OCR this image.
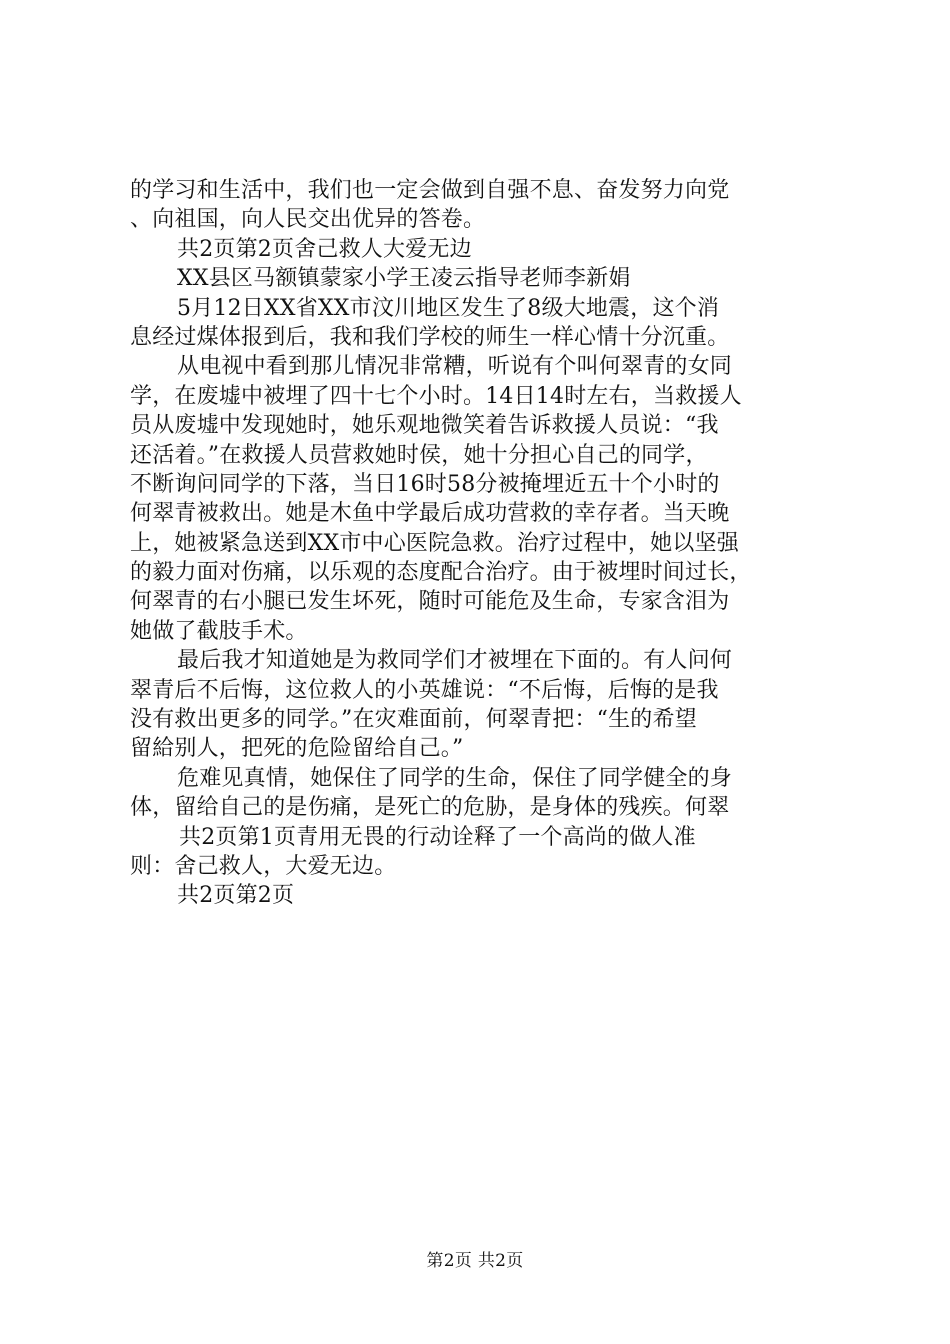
的学习和生活中，我们也一定会做到自强不息、奋发努力向党
、向祖国，向人民交出优异的答卷。
共2页第2页舍己救人大爱无边
XX县区马额镇蒙家小学王凌云指导老师李新娟
5月12日XX省XX市汶川地区发生了8级大地震，这个消
息经过煤体报到后，我和我们学校的师生一样心情十分沉重。
从电视中看到那儿情况非常糟，听说有个叫何翠青的女同
学，在废墟中被埋了四十七个小时。14日14时左右，当救援人
员从废墟中发现她时，她乐观地微笑着告诉救援人员说：“我
还活着。”在救援人员营救她时侯，她十分担心自己的同学，
不断询问同学的下落，当日16时58分被掩埋近五十个小时的
何翠青被救出。她是木鱼中学最后成功营救的幸存者。当天晚
上，她被紧急送到XX市中心医院急救。治疗过程中，她以坚强
的毅力面对伤痛，以乐观的态度配合治疗。由于被埋时间过长，
何翠青的右小腿已发生坏死，随时可能危及生命，专家含泪为
她做了截肢手术。
最后我才知道她是为救同学们才被埋在下面的。有人问何
翠青后不后悔，这位救人的小英雄说：“不后悔，后悔的是我
没有救出更多的同学。”在灾难面前，何翠青把：“生的希望
留給别人，把死的危险留给自己。”
危难见真情，她保住了同学的生命，保住了同学健全的身
体，留给自己的是伤痛，是死亡的危胁，是身体的残疾。何翠
共2页第1页青用无畏的行动诠释了一个高尚的做人准
则：舍己救人，大爱无边。
共2页第2页
第2页 共2页
